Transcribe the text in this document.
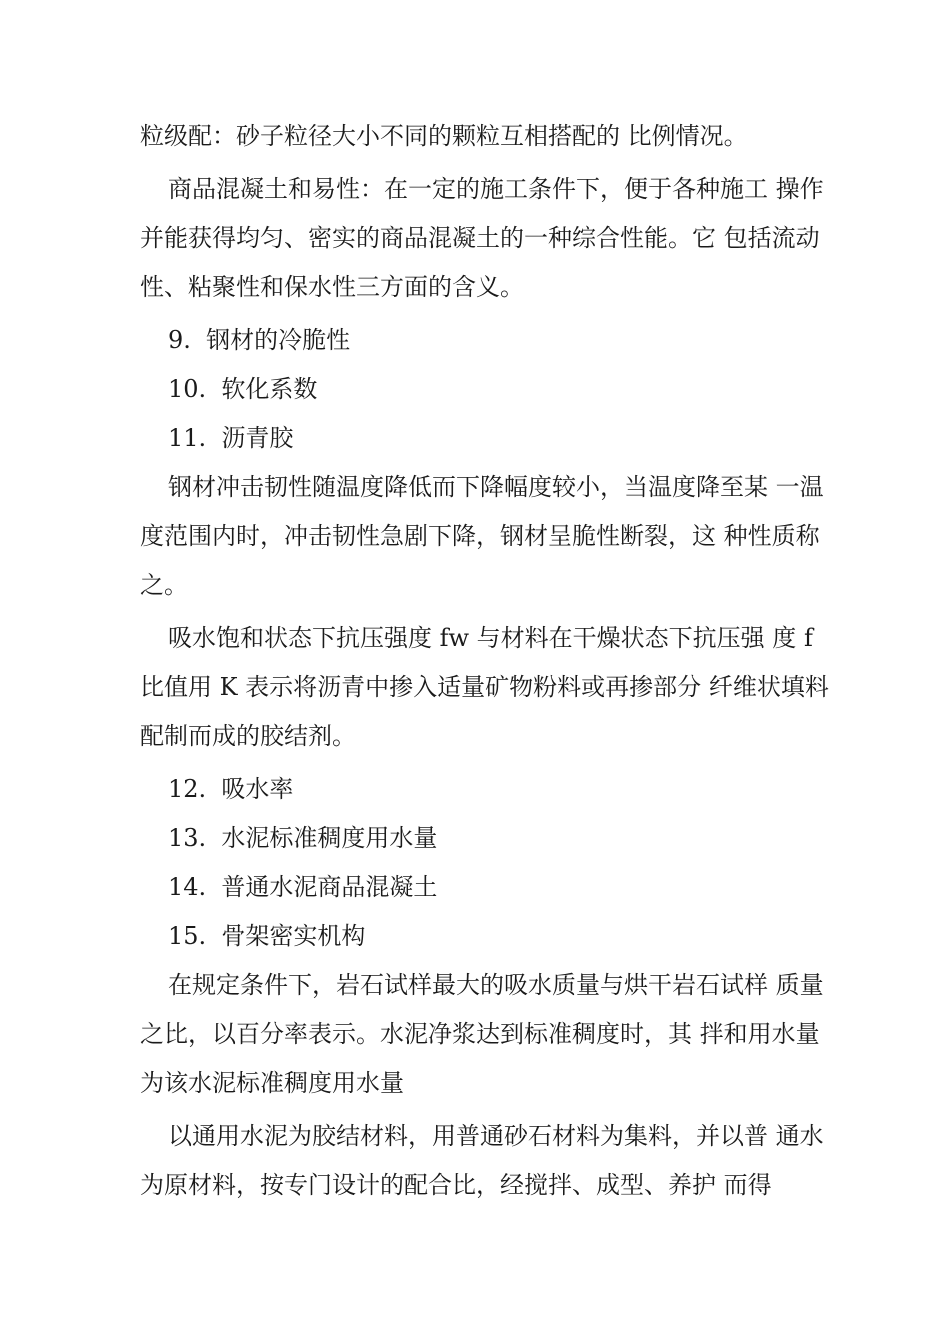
粒级配：砂子粒径大小不同的颗粒互相搭配的 比例情况。

商品混凝土和易性：在一定的施工条件下，便于各种施工 操作并能获得均匀、密实的商品混凝土的一种综合性能。它 包括流动性、粘聚性和保水性三方面的含义。

9.  钢材的冷脆性

10.  软化系数

11.  沥青胶

钢材冲击韧性随温度降低而下降幅度较小，当温度降至某 一温度范围内时，冲击韧性急剧下降，钢材呈脆性断裂，这 种性质称之。

吸水饱和状态下抗压强度 fw 与材料在干燥状态下抗压强 度 f 比值用 K 表示将沥青中掺入适量矿物粉料或再掺部分 纤维状填料配制而成的胶结剂。

12.  吸水率

13.  水泥标准稠度用水量

14.  普通水泥商品混凝土

15.  骨架密实机构

在规定条件下，岩石试样最大的吸水质量与烘干岩石试样 质量之比，以百分率表示。水泥净浆达到标准稠度时，其 拌和用水量为该水泥标准稠度用水量

以通用水泥为胶结材料，用普通砂石材料为集料，并以普 通水为原材料，按专门设计的配合比，经搅拌、成型、养护 而得
